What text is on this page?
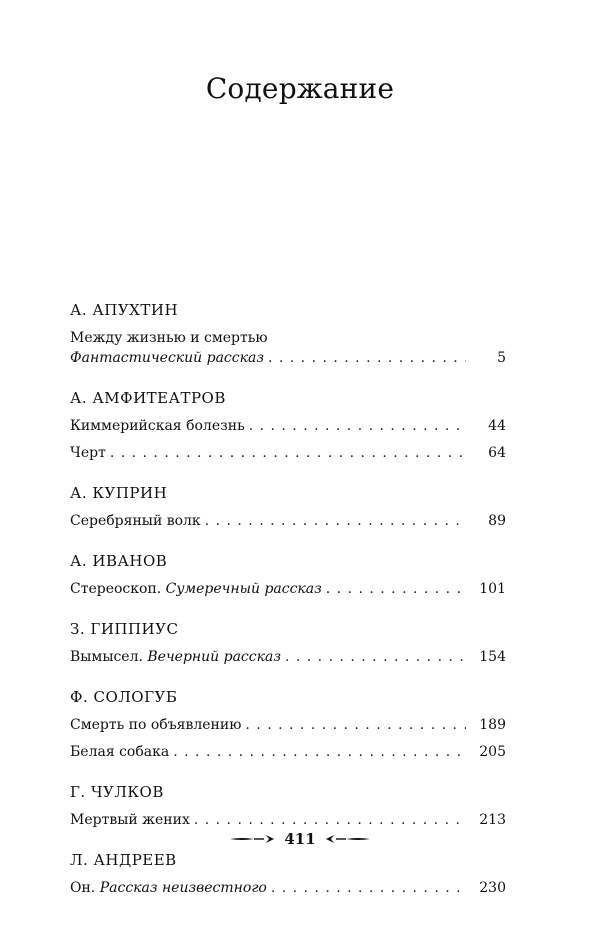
Содержание
А. АПУХТИН
Между жизнью и смертью
Фантастический рассказ . . .	5
А. АМФИТЕАТРОВ
Киммерийская болезнь . . .	44
Черт . . .	64
А. КУПРИН
Серебряный волк . . .	89
А. ИВАНОВ
Стереоскоп. Сумеречный рассказ . . .	101
З. ГИППИУС
Вымысел. Вечерний рассказ . . .	154
Ф. СОЛОГУБ
Смерть по объявлению . . .	189
Белая собака . . .	205
Г. ЧУЛКОВ
Мертвый жених . . .	213
Л. АНДРЕЕВ
Он. Рассказ неизвестного . . .	230
411
